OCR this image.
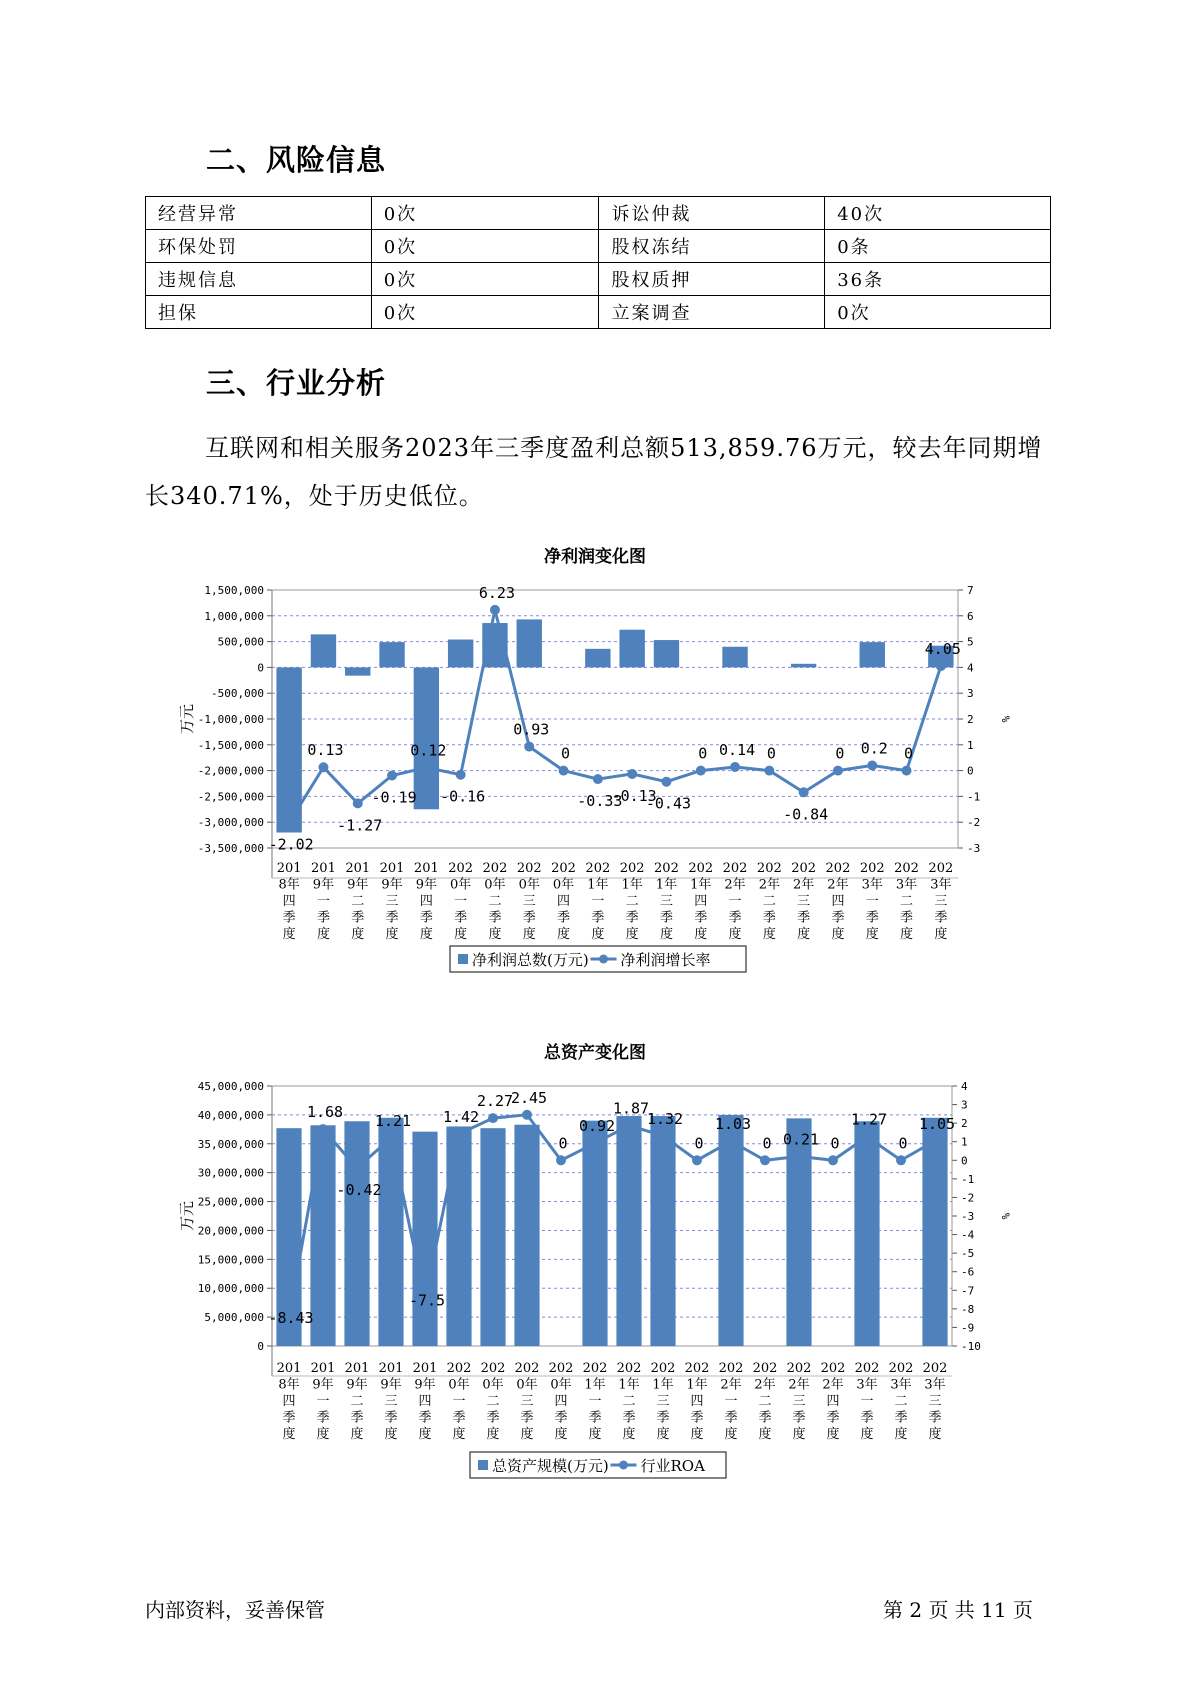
二、风险信息
经营异常	0次	诉讼仲裁	40次
环保处罚	0次	股权冻结	0条
违规信息	0次	股权质押	36条
担保	0次	立案调查	0次
三、行业分析

互联网和相关服务2023年三季度盈利总额513,859.76万元，较去年同期增长340.71%，处于历史低位。

净利润变化图
1,500,000
1,000,000
500,000
0
-500,000
-1,000,000
-1,500,000
-2,000,000
-2,500,000
-3,000,000
-3,500,000
7
6
5
4
3
2
1
0
-1
-2
-3
万元	%
-2.02
0.13
-1.27
-0.19
0.12
-0.16
6.23
0.93
0
-0.33
-0.13
-0.43
0 0.14 0
-0.84
0 0.2 0
4.05
201 8年四季度
201 9年一季度
201 9年二季度
201 9年三季度
201 9年四季度
202 0年一季度
202 0年二季度
202 0年三季度
202 0年四季度
202 1年一季度
202 1年二季度
202 1年三季度
202 1年四季度
202 2年一季度
202 2年二季度
202 2年三季度
202 2年四季度
202 3年一季度
202 3年二季度
202 3年三季度
净利润总数(万元) 净利润增长率
总资产变化图
45,000,000
40,000,000
35,000,000
30,000,000
25,000,000
20,000,000
15,000,000
10,000,000
5,000,000
0
4
3
2
1
0
-1
-2
-3
-4
-5
-6
-7
-8
-9
-10
万元	%
-8.43
1.68
-0.42
1.21
-7.5
1.42
2.27
2.45
0
0.92
1.87
1.32
0
1.03
0 0.21 0
1.27
0
1.05
201 8年四季度
201 9年一季度
201 9年二季度
201 9年三季度
201 9年四季度
202 0年一季度
202 0年二季度
202 0年三季度
202 0年四季度
202 1年一季度
202 1年二季度
202 1年三季度
202 1年四季度
202 2年一季度
202 2年二季度
202 2年三季度
202 2年四季度
202 3年一季度
202 3年二季度
202 3年三季度
总资产规模(万元) 行业ROA
内部资料，妥善保管	第 2 页 共 11 页
